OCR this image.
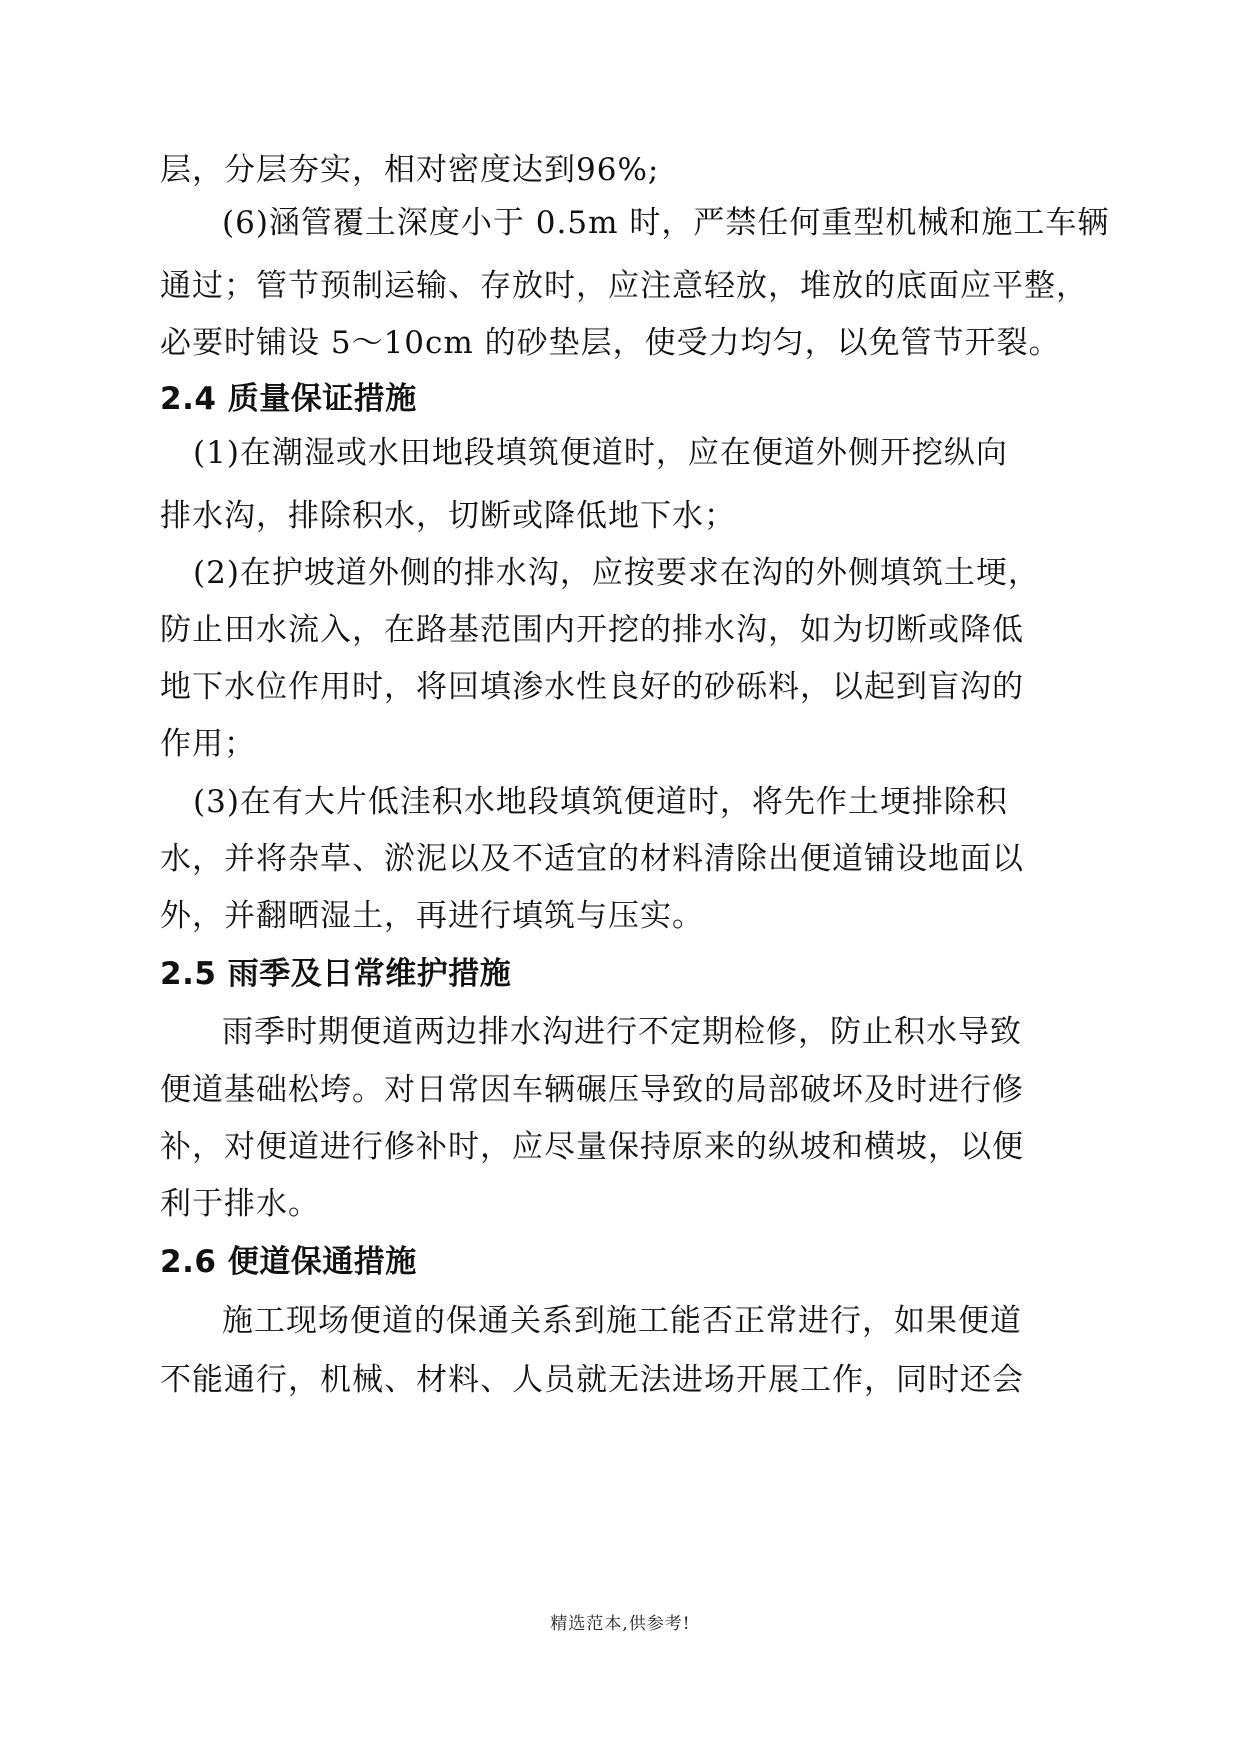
层，分层夯实，相对密度达到96%;
(6)涵管覆土深度小于 0.5m 时，严禁任何重型机械和施工车辆
通过；管节预制运输、存放时，应注意轻放，堆放的底面应平整，
必要时铺设 5～10cm 的砂垫层，使受力均匀，以免管节开裂。
2.4 质量保证措施
(1)在潮湿或水田地段填筑便道时，应在便道外侧开挖纵向
排水沟，排除积水，切断或降低地下水；
(2)在护坡道外侧的排水沟，应按要求在沟的外侧填筑土埂，
防止田水流入，在路基范围内开挖的排水沟，如为切断或降低
地下水位作用时，将回填渗水性良好的砂砾料，以起到盲沟的
作用；
(3)在有大片低洼积水地段填筑便道时，将先作土埂排除积
水，并将杂草、淤泥以及不适宜的材料清除出便道铺设地面以
外，并翻晒湿土，再进行填筑与压实。
2.5 雨季及日常维护措施
雨季时期便道两边排水沟进行不定期检修，防止积水导致
便道基础松垮。对日常因车辆碾压导致的局部破坏及时进行修
补，对便道进行修补时，应尽量保持原来的纵坡和横坡，以便
利于排水。
2.6 便道保通措施
施工现场便道的保通关系到施工能否正常进行，如果便道
不能通行，机械、材料、人员就无法进场开展工作，同时还会
精选范本,供参考!
